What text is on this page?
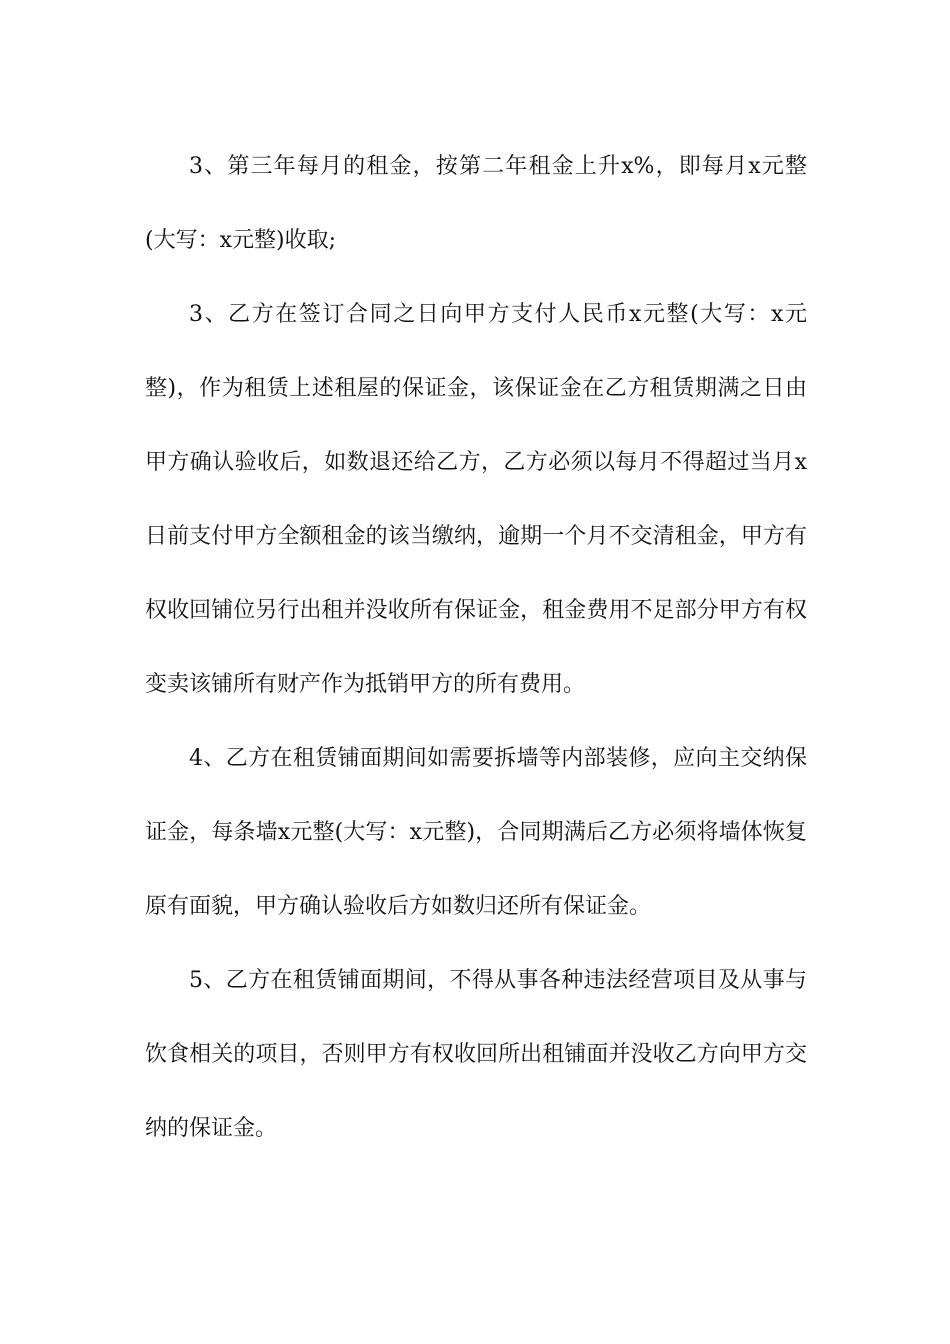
3、第三年每月的租金，按第二年租金上升x%，即每月x元整(大写：x元整)收取;

3、乙方在签订合同之日向甲方支付人民币x元整(大写：x元整)，作为租赁上述租屋的保证金，该保证金在乙方租赁期满之日由甲方确认验收后，如数退还给乙方，乙方必须以每月不得超过当月x日前支付甲方全额租金的该当缴纳，逾期一个月不交清租金，甲方有权收回铺位另行出租并没收所有保证金，租金费用不足部分甲方有权变卖该铺所有财产作为抵销甲方的所有费用。

4、乙方在租赁铺面期间如需要拆墙等内部装修，应向主交纳保证金，每条墙x元整(大写：x元整)，合同期满后乙方必须将墙体恢复原有面貌，甲方确认验收后方如数归还所有保证金。

5、乙方在租赁铺面期间，不得从事各种违法经营项目及从事与饮食相关的项目，否则甲方有权收回所出租铺面并没收乙方向甲方交纳的保证金。
